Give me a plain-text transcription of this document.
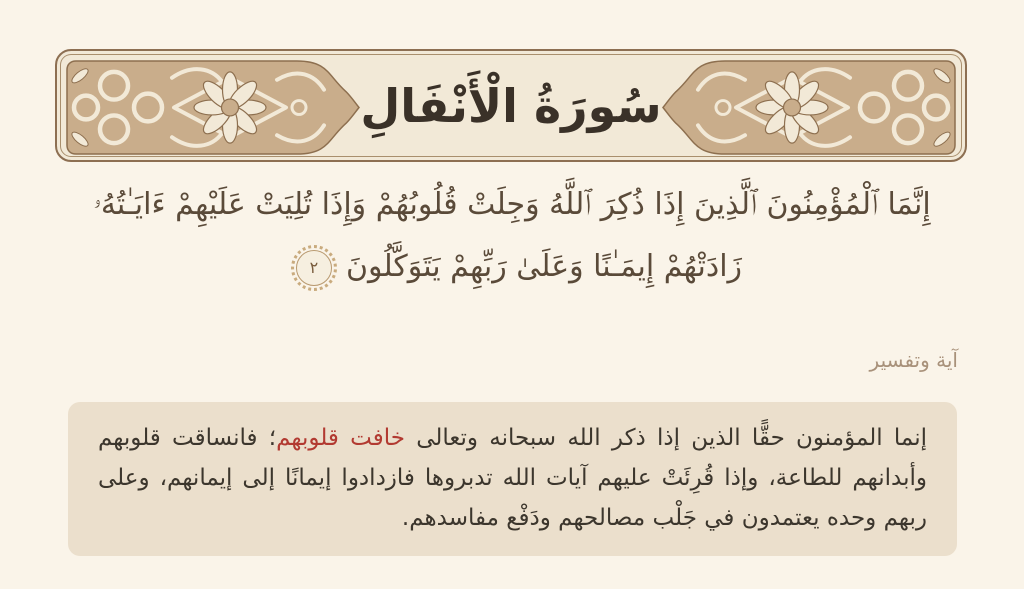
سُورَةُ الْأَنْفَالِ
إِنَّمَا ٱلْمُؤْمِنُونَ ٱلَّذِينَ إِذَا ذُكِرَ ٱللَّهُ وَجِلَتْ قُلُوبُهُمْ وَإِذَا تُلِيَتْ عَلَيْهِمْ ءَايَـٰتُهُۥ
زَادَتْهُمْ إِيمَـٰنًا وَعَلَىٰ رَبِّهِمْ يَتَوَكَّلُونَ
٢
آية وتفسير
إنما المؤمنون حقًّا الذين إذا ذكر الله سبحانه وتعالى خافت قلوبهم؛ فانساقت قلوبهم وأبدانهم للطاعة، وإذا قُرِئَتْ عليهم آيات الله تدبروها فازدادوا إيمانًا إلى إيمانهم، وعلى ربهم وحده يعتمدون في جَلْب مصالحهم ودَفْع مفاسدهم.
